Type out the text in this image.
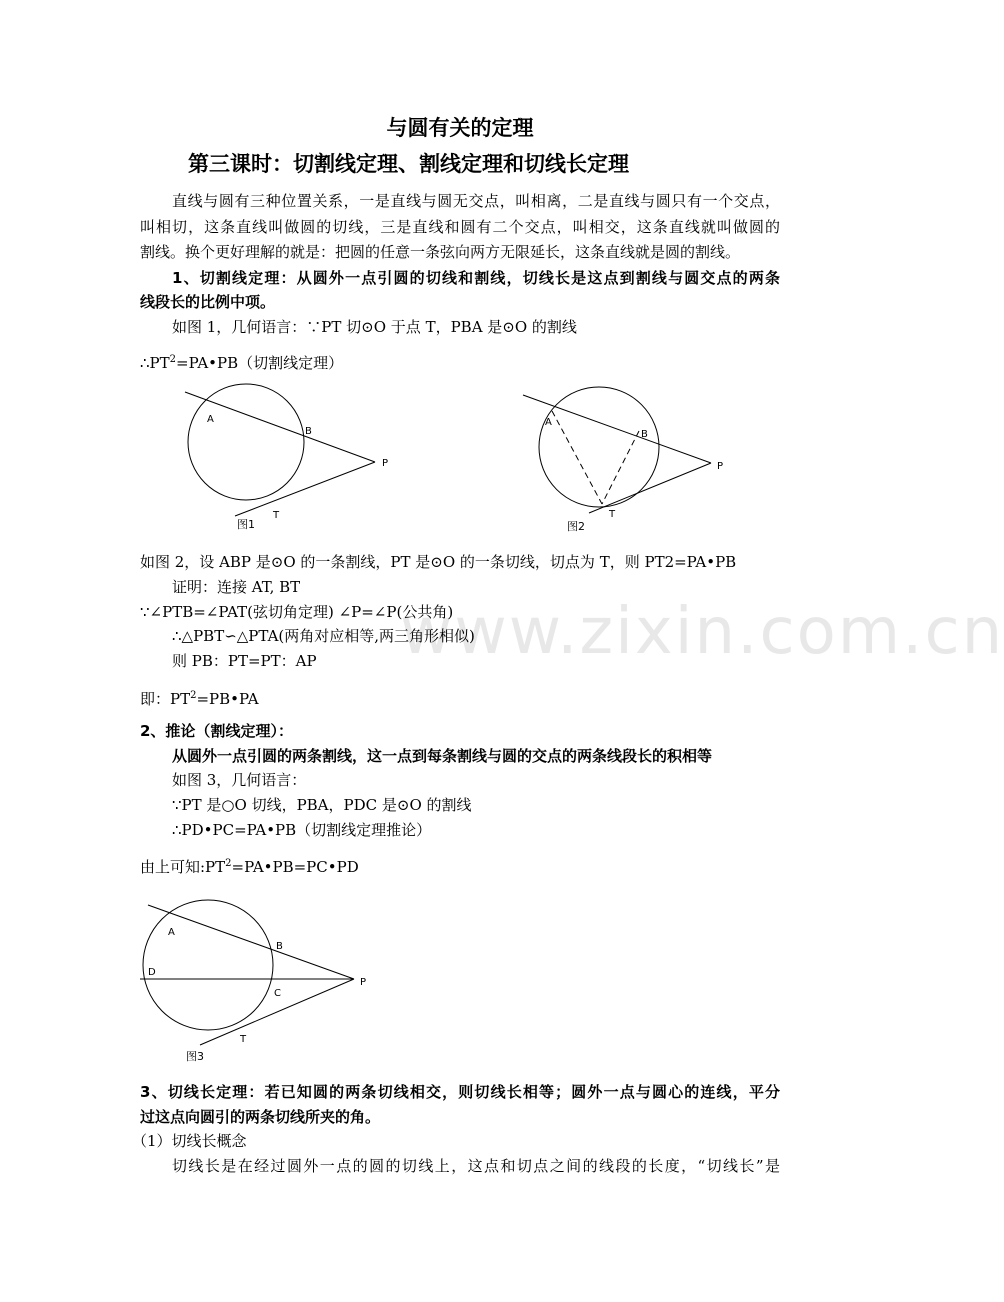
www.zixin.com.cn
与圆有关的定理
第三课时：切割线定理、割线定理和切线长定理
直线与圆有三种位置关系，一是直线与圆无交点，叫相离，二是直线与圆只有一个交点，
叫相切，这条直线叫做圆的切线，三是直线和圆有二个交点，叫相交，这条直线就叫做圆的
割线。换个更好理解的就是：把圆的任意一条弦向两方无限延长，这条直线就是圆的割线。
1、切割线定理：从圆外一点引圆的切线和割线，切线长是这点到割线与圆交点的两条
线段长的比例中项。
如图 1，几何语言：∵PT 切⊙O 于点 T，PBA 是⊙O 的割线
$\therefore PT^2=PA•PB$（切割线定理）
A
B
P
T
图1
A
B
P
T
图2
如图 2，设 ABP 是⊙O 的一条割线，PT 是⊙O 的一条切线，切点为 T，则 PT2=PA•PB
证明：连接 AT, BT
∵∠PTB=∠PAT(弦切角定理) ∠P=∠P(公共角)
∴△PBT∽△PTA(两角对应相等,两三角形相似)
则 PB：PT=PT：AP
即：$PT^2=PB•PA$
2、推论（割线定理）：
从圆外一点引圆的两条割线，这一点到每条割线与圆的交点的两条线段长的积相等
如图 3，几何语言：
∵PT 是○O 切线，PBA，PDC 是⊙O 的割线
∴PD•PC=PA•PB（切割线定理推论）
由上可知$:PT^2=PA•PB=PC•PD$
A
B
D
C
P
T
图3
3、切线长定理：若已知圆的两条切线相交，则切线长相等；圆外一点与圆心的连线，平分
过这点向圆引的两条切线所夹的角。
（1）切线长概念
切线长是在经过圆外一点的圆的切线上，这点和切点之间的线段的长度，“切线长”是
